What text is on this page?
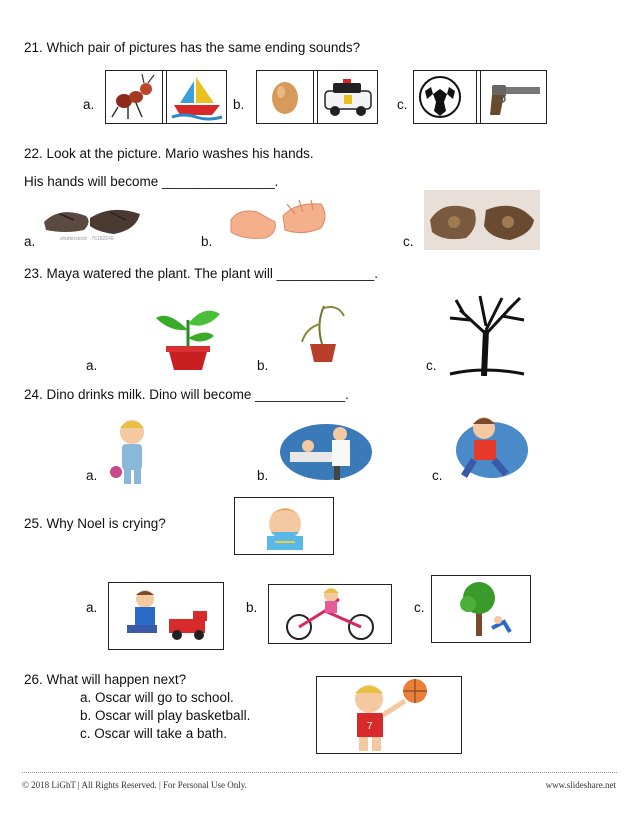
21. Which pair of pictures has the same ending sounds?
a.	b.	c.
22. Look at the picture. Mario washes his hands.
His hands will become _______________.
a.	b.	c.
shutterstock · 76182249
23. Maya watered the plant. The plant will _____________.
a.	b.	c.
24. Dino drinks milk. Dino will become ____________.
a.	b.	c.
25. Why Noel is crying?
a.	b.	c.
26. What will happen next?
a. Oscar will go to school.
b. Oscar will play basketball.
c. Oscar will take a bath.	7
© 2018 LiGhT | All Rights Reserved. | For Personal Use Only.	www.slideshare.net
